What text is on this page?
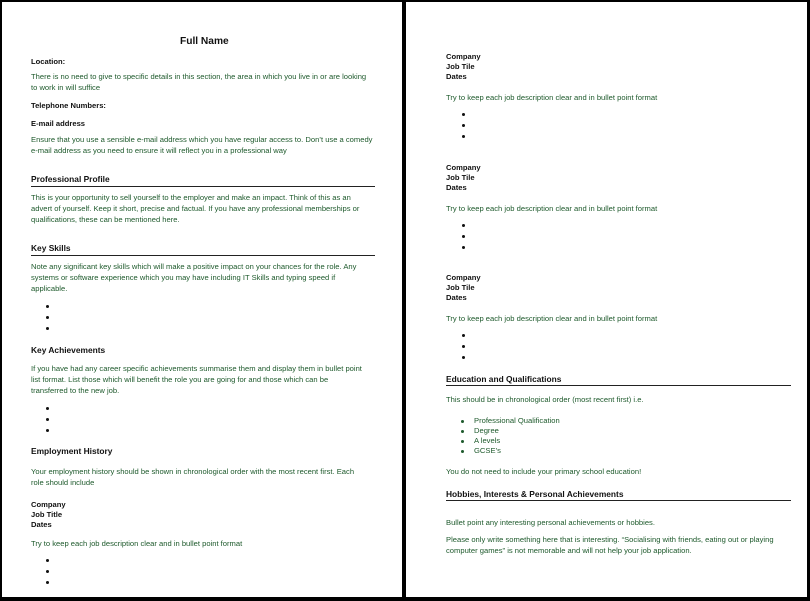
Full Name
Location:
There is no need to give to specific details in this section, the area in which you live in or are looking
to work in will suffice
Telephone Numbers:
E-mail address
Ensure that you use a sensible e-mail address which you have regular access to. Don’t use a comedy
e-mail address as you need to ensure it will reflect you in a professional way
Professional Profile
This is your opportunity to sell yourself to the employer and make an impact. Think of this as an
advert of yourself. Keep it short, precise and factual. If you have any professional memberships or
qualifications, these can be mentioned here.
Key Skills
Note any significant key skills which will make a positive impact on your chances for the role. Any
systems or software experience which you may have including IT Skills and typing speed if
applicable.
Key Achievements
If you have had any career specific achievements summarise them and display them in bullet point
list format. List those which will benefit the role you are going for and those which can be
transferred to the new job.
Employment History
Your employment history should be shown in chronological order with the most recent first. Each
role should include
Company
Job Title
Dates
Try to keep each job description clear and in bullet point format
Company
Job Tile
Dates
Try to keep each job description clear and in bullet point format
Company
Job Tile
Dates
Try to keep each job description clear and in bullet point format
Company
Job Tile
Dates
Try to keep each job description clear and in bullet point format
Education and Qualifications
This should be in chronological order (most recent first) i.e.
Professional Qualification
Degree
A levels
GCSE’s
You do not need to include your primary school education!
Hobbies, Interests & Personal Achievements
Bullet point any interesting personal achievements or hobbies.
Please only write something here that is interesting. “Socialising with friends, eating out or playing
computer games” is not memorable and will not help your job application.
